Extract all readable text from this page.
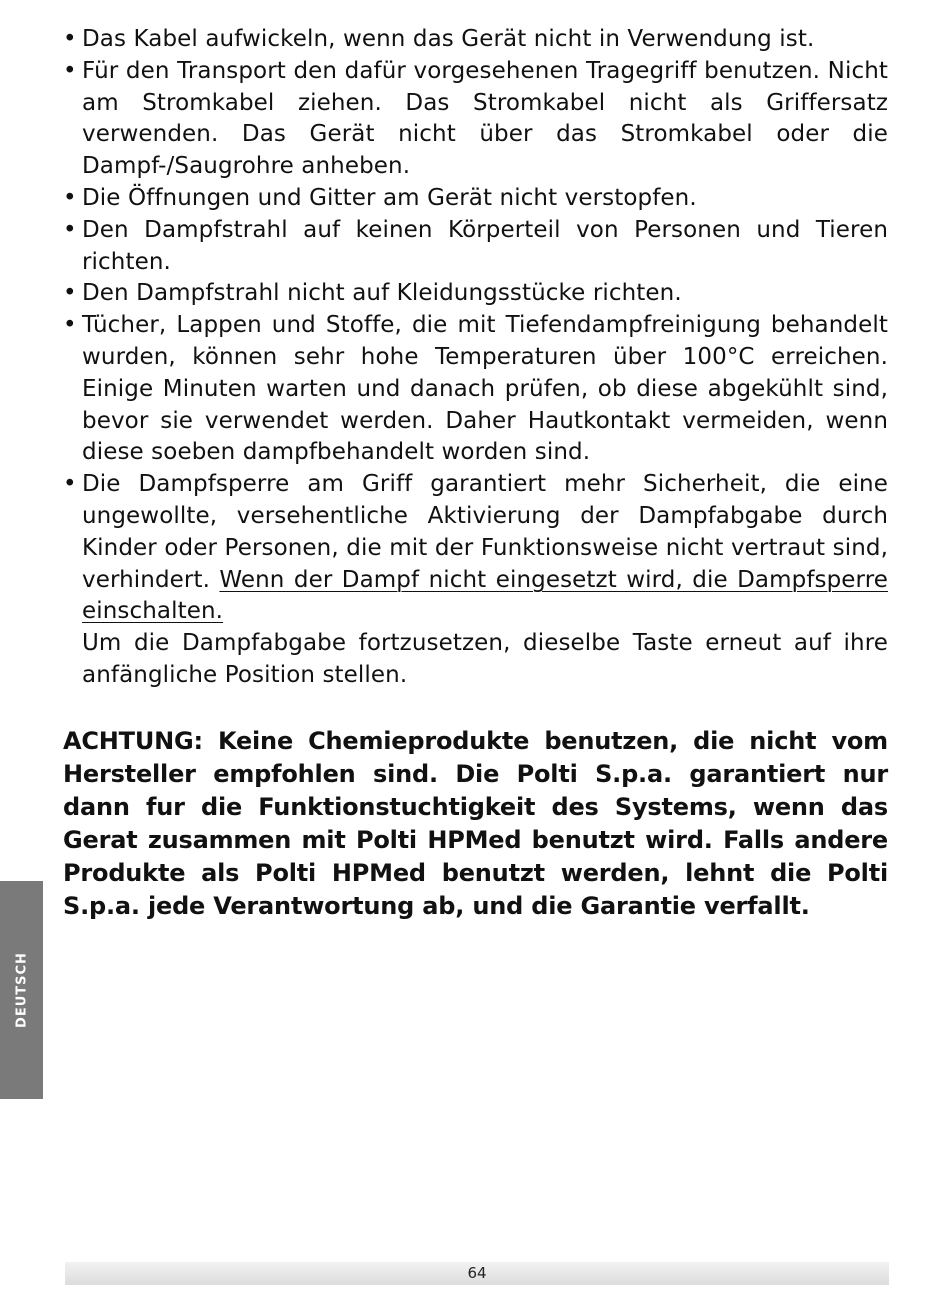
• Das Kabel aufwickeln, wenn das Gerät nicht in Verwendung ist.
• Für den Transport den dafür vorgesehenen Tragegriff benutzen. Nicht am Stromkabel ziehen. Das Stromkabel nicht als Griffersatz verwenden. Das Gerät nicht über das Stromkabel oder die Dampf-/Saugrohre anheben.
• Die Öffnungen und Gitter am Gerät nicht verstopfen.
• Den Dampfstrahl auf keinen Körperteil von Personen und Tieren richten.
• Den Dampfstrahl nicht auf Kleidungsstücke richten.
• Tücher, Lappen und Stoffe, die mit Tiefendampfreinigung behandelt wurden, können sehr hohe Temperaturen über 100°C erreichen. Einige Minuten warten und danach prüfen, ob diese abgekühlt sind, bevor sie verwendet werden. Daher Hautkontakt vermeiden, wenn diese soeben dampfbehandelt worden sind.
• Die Dampfsperre am Griff garantiert mehr Sicherheit, die eine ungewollte, versehentliche Aktivierung der Dampfabgabe durch Kinder oder Personen, die mit der Funktionsweise nicht vertraut sind, verhindert. Wenn der Dampf nicht eingesetzt wird, die Dampfsperre einschalten.
Um die Dampfabgabe fortzusetzen, dieselbe Taste erneut auf ihre anfängliche Position stellen.
ACHTUNG: Keine Chemieprodukte benutzen, die nicht vom Hersteller empfohlen sind. Die Polti S.p.a. garantiert nur dann fur die Funktionstuchtigkeit des Systems, wenn das Gerat zusammen mit Polti HPMed benutzt wird. Falls andere Produkte als Polti HPMed benutzt werden, lehnt die Polti S.p.a. jede Verantwortung ab, und die Garantie verfallt.
DEUTSCH
64
